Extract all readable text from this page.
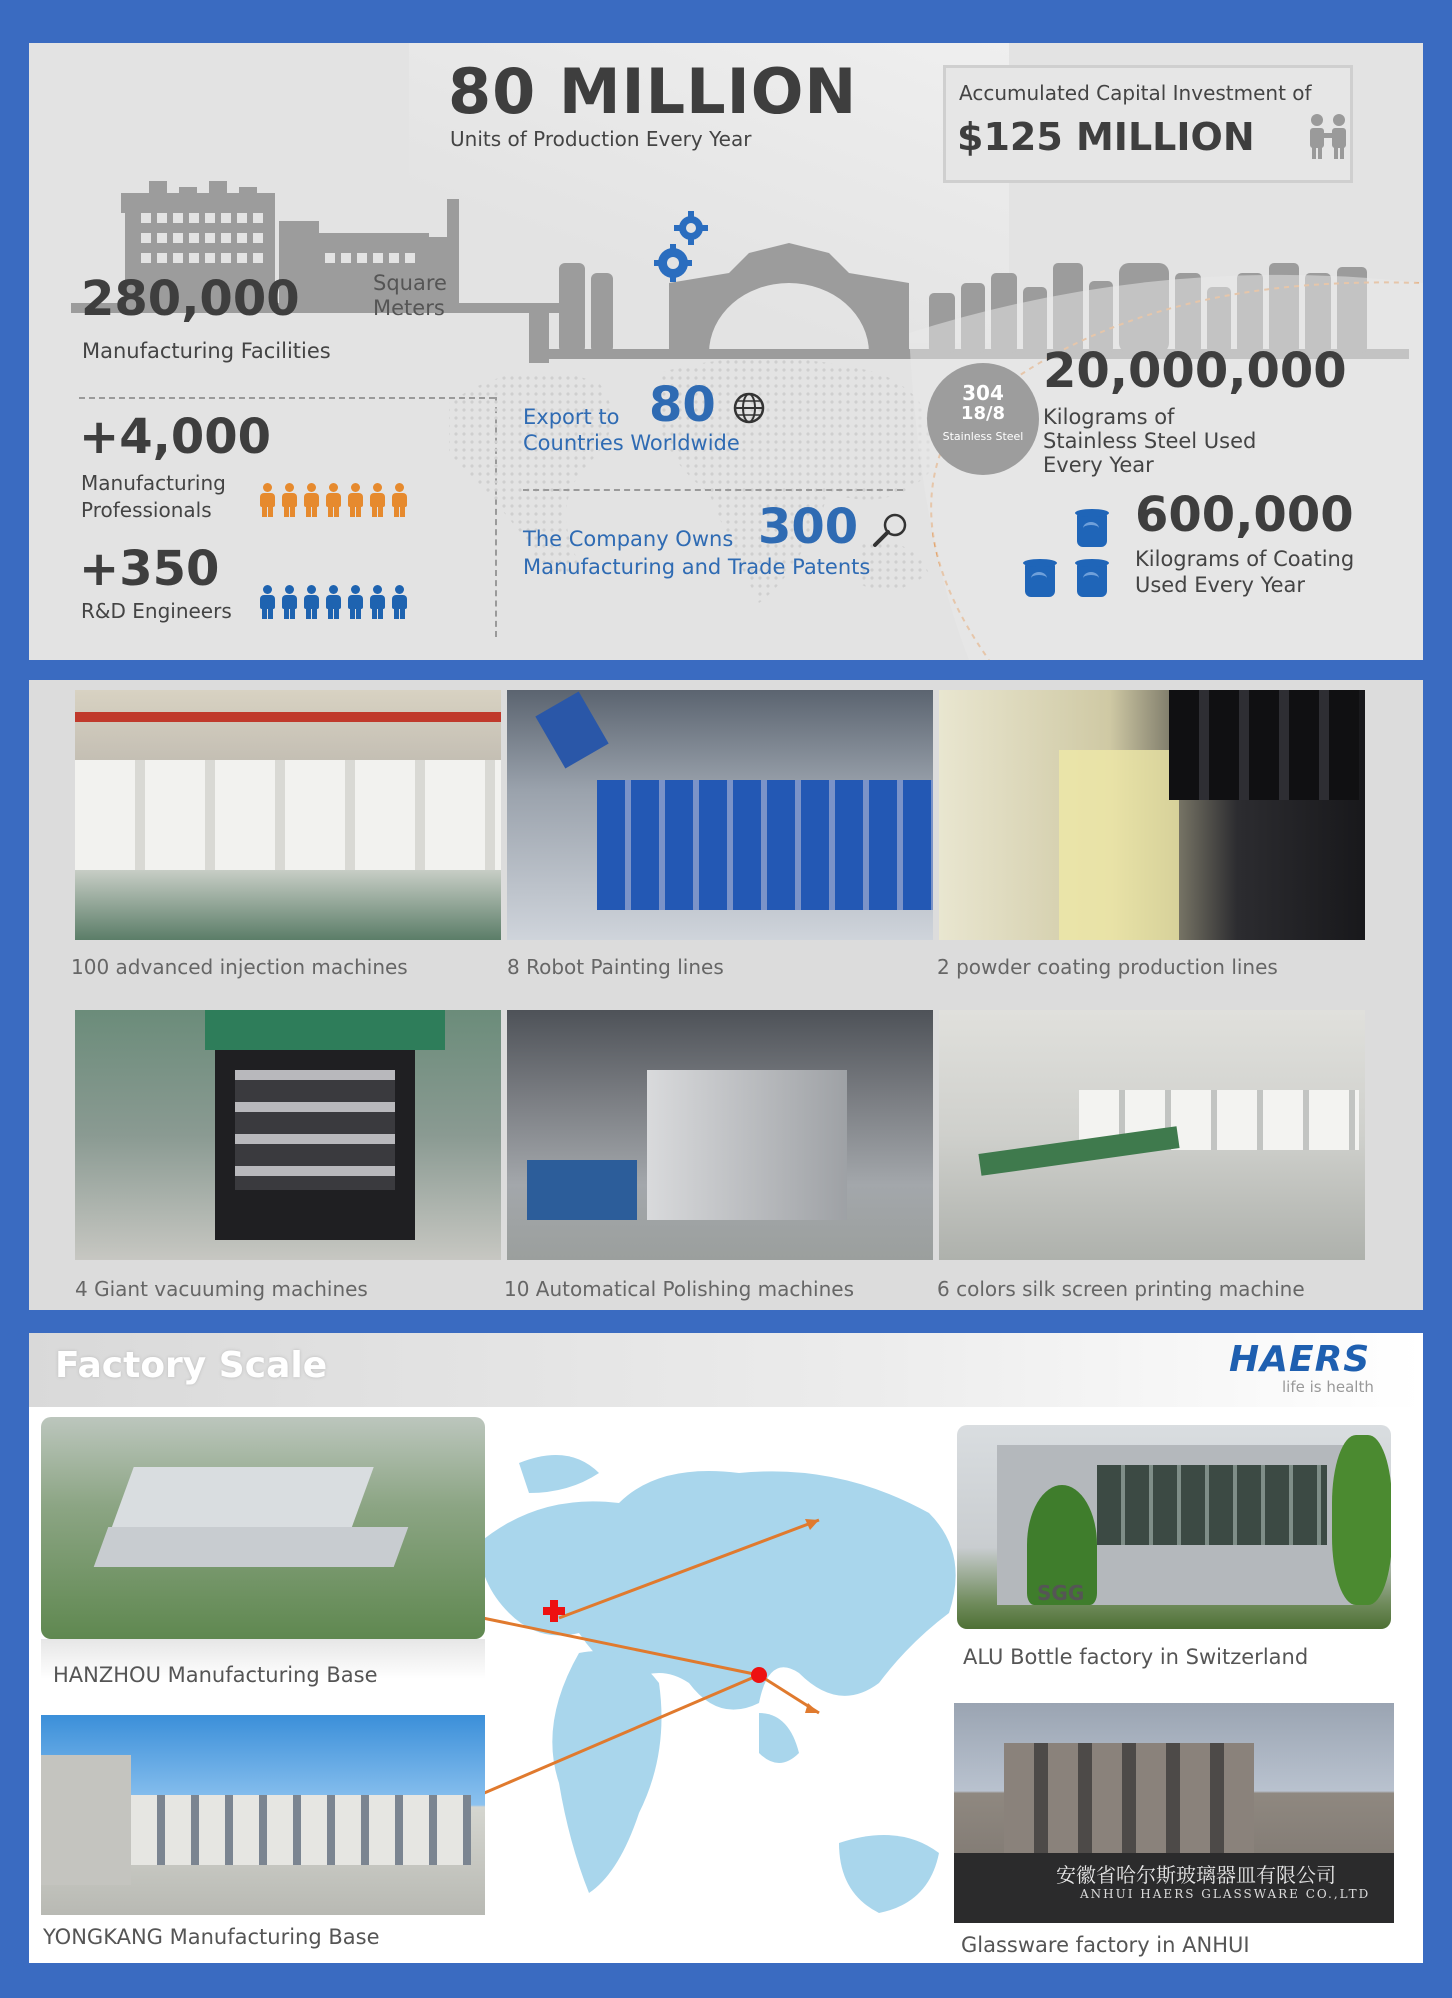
80 MILLION
Units of Production Every Year
Accumulated Capital Investment of
$125 MILLION
280,000	Square Meters
Manufacturing Facilities
+4,000
Manufacturing
Professionals
+350
R&D Engineers
Export to 80
Countries Worldwide
The Company Owns 300
Manufacturing and Trade Patents
304
18/8
Stainless Steel
20,000,000
Kilograms of
Stainless Steel Used
Every Year
600,000
Kilograms of Coating
Used Every Year
100 advanced injection machines	8 Robot Painting lines	2 powder coating production lines
4 Giant vacuuming machines	10 Automatical Polishing machines	6 colors silk screen printing machine
Factory Scale	HAERS
life is health
HANZHOU Manufacturing Base
YONGKANG Manufacturing Base
SGG
ALU Bottle factory in Switzerland
安徽省哈尔斯玻璃器皿有限公司
ANHUI HAERS GLASSWARE CO.,LTD
Glassware factory in ANHUI
